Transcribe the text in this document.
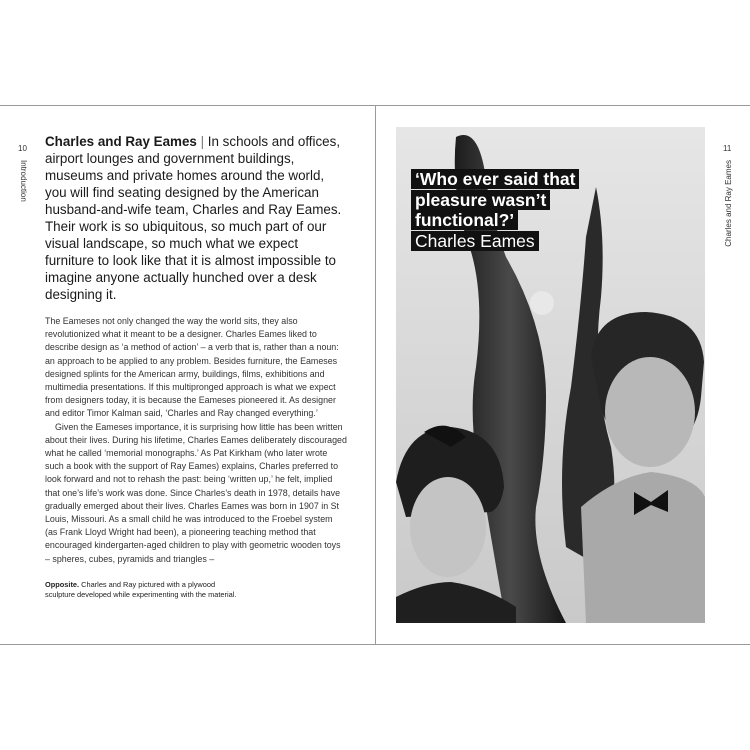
10
Introduction
Charles and Ray Eames | In schools and offices, airport lounges and government buildings, museums and private homes around the world, you will find seating designed by the American husband-and-wife team, Charles and Ray Eames. Their work is so ubiquitous, so much part of our visual landscape, so much what we expect furniture to look like that it is almost impossible to imagine anyone actually hunched over a desk designing it.

The Eameses not only changed the way the world sits, they also revolutionized what it meant to be a designer. Charles Eames liked to describe design as ‘a method of action’ – a verb that is, rather than a noun: an approach to be applied to any problem. Besides furniture, the Eameses designed splints for the American army, buildings, films, exhibitions and multimedia presentations. If this multipronged approach is what we expect from designers today, it is because the Eameses pioneered it. As designer and editor Timor Kalman said, ‘Charles and Ray changed everything.’

Given the Eameses importance, it is surprising how little has been written about their lives. During his lifetime, Charles Eames deliberately discouraged what he called ‘memorial monographs.’ As Pat Kirkham (who later wrote such a book with the support of Ray Eames) explains, Charles preferred to look forward and not to rehash the past: being ‘written up,’ he felt, implied that one’s life’s work was done. Since Charles’s death in 1978, details have gradually emerged about their lives. Charles Eames was born in 1907 in St Louis, Missouri. As a small child he was introduced to the Froebel system (as Frank Lloyd Wright had been), a pioneering teaching method that encouraged kindergarten-aged children to play with geometric wooden toys – spheres, cubes, pyramids and triangles –

Opposite. Charles and Ray pictured with a plywood sculpture developed while experimenting with the material.
‘Who ever said that
pleasure wasn’t
functional?’
Charles Eames
11
Charles and Ray Eames
